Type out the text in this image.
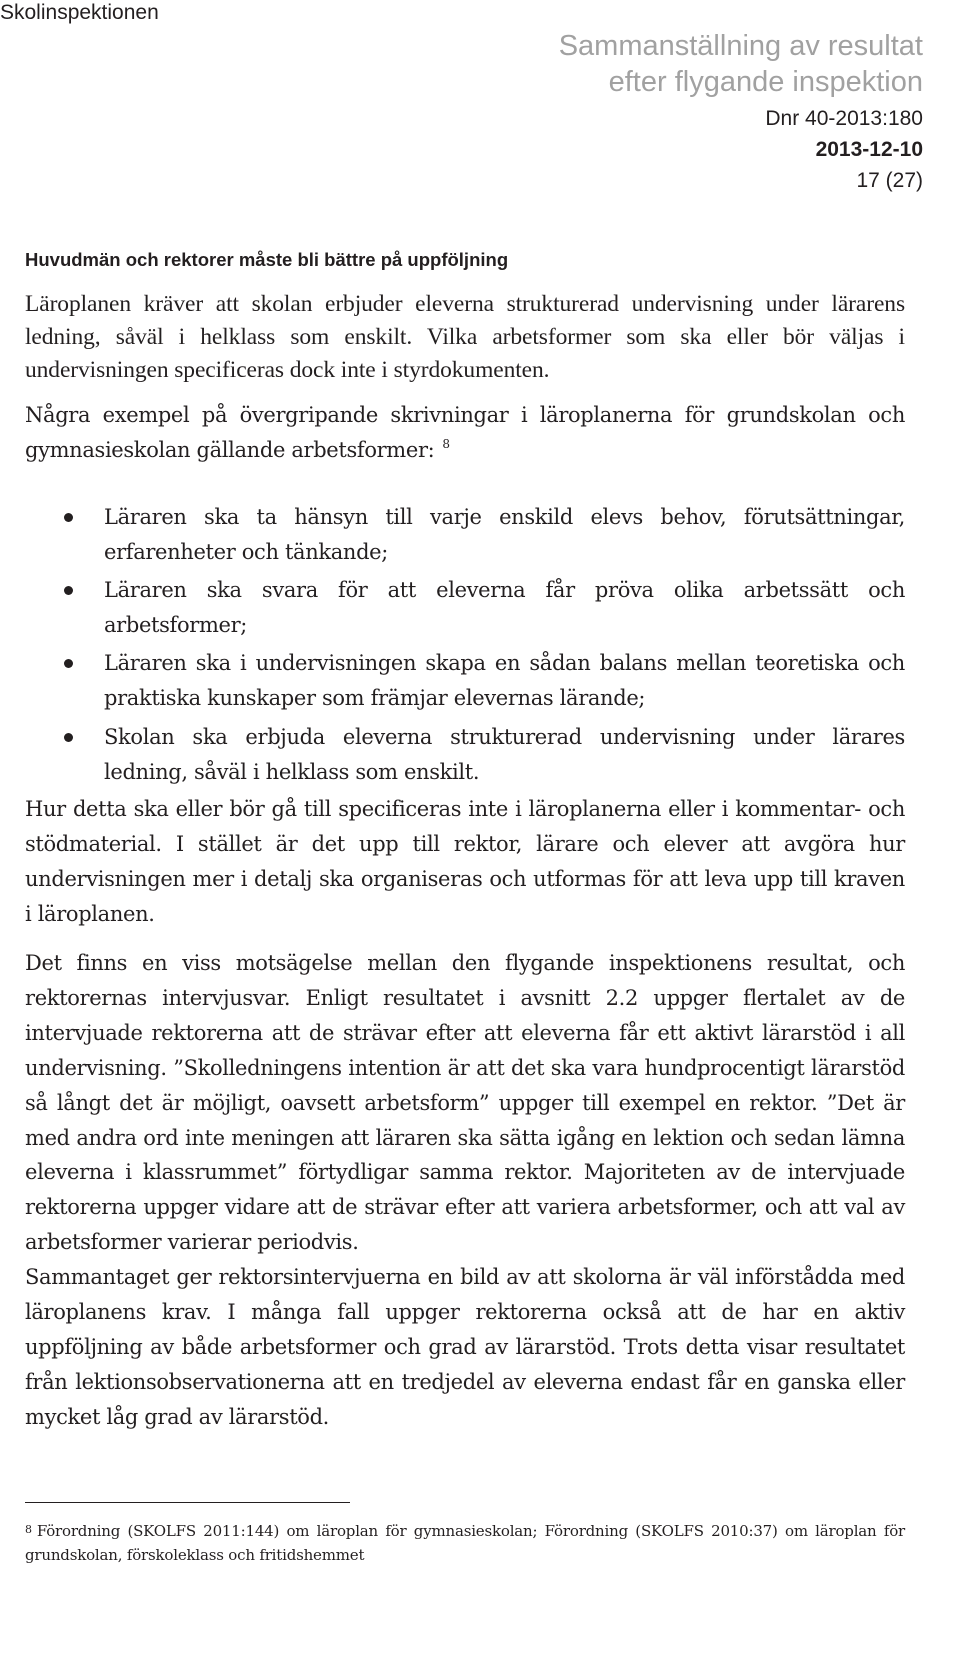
Skolinspektionen
Sammanställning av resultat
efter flygande inspektion
Dnr 40-2013:180
2013-12-10
17 (27)
Huvudmän och rektorer måste bli bättre på uppföljning
Läroplanen kräver att skolan erbjuder eleverna strukturerad undervisning under lärarens ledning, såväl i helklass som enskilt. Vilka arbetsformer som ska eller bör väljas i undervisningen specificeras dock inte i styrdokumenten.
Några exempel på övergripande skrivningar i läroplanerna för grundskolan och gymnasieskolan gällande arbetsformer: $^8$
Läraren ska ta hänsyn till varje enskild elevs behov, förutsättningar, erfarenheter och tänkande;
Läraren ska svara för att eleverna får pröva olika arbetssätt och arbetsformer;
Läraren ska i undervisningen skapa en sådan balans mellan teoretiska och praktiska kunskaper som främjar elevernas lärande;
Skolan ska erbjuda eleverna strukturerad undervisning under lärares ledning, såväl i helklass som enskilt.
Hur detta ska eller bör gå till specificeras inte i läroplanerna eller i kommentar- och stödmaterial. I stället är det upp till rektor, lärare och elever att avgöra hur undervisningen mer i detalj ska organiseras och utformas för att leva upp till kraven i läroplanen.
Det finns en viss motsägelse mellan den flygande inspektionens resultat, och rektorernas intervjusvar. Enligt resultatet i avsnitt 2.2 uppger flertalet av de intervjuade rektorerna att de strävar efter att eleverna får ett aktivt lärarstöd i all undervisning. ”Skolledningens intention är att det ska vara hundprocentigt lärarstöd så långt det är möjligt, oavsett arbetsform” uppger till exempel en rektor. ”Det är med andra ord inte meningen att läraren ska sätta igång en lektion och sedan lämna eleverna i klassrummet” förtydligar samma rektor. Majoriteten av de intervjuade rektorerna uppger vidare att de strävar efter att variera arbetsformer, och att val av arbetsformer varierar periodvis.
Sammantaget ger rektorsintervjuerna en bild av att skolorna är väl införstådda med läroplanens krav. I många fall uppger rektorerna också att de har en aktiv uppföljning av både arbetsformer och grad av lärarstöd. Trots detta visar resultatet från lektionsobservationerna att en tredjedel av eleverna endast får en ganska eller mycket låg grad av lärarstöd.
$^8$ Förordning (SKOLFS 2011:144) om läroplan för gymnasieskolan; Förordning (SKOLFS 2010:37) om läroplan för grundskolan, förskoleklass och fritidshemmet
